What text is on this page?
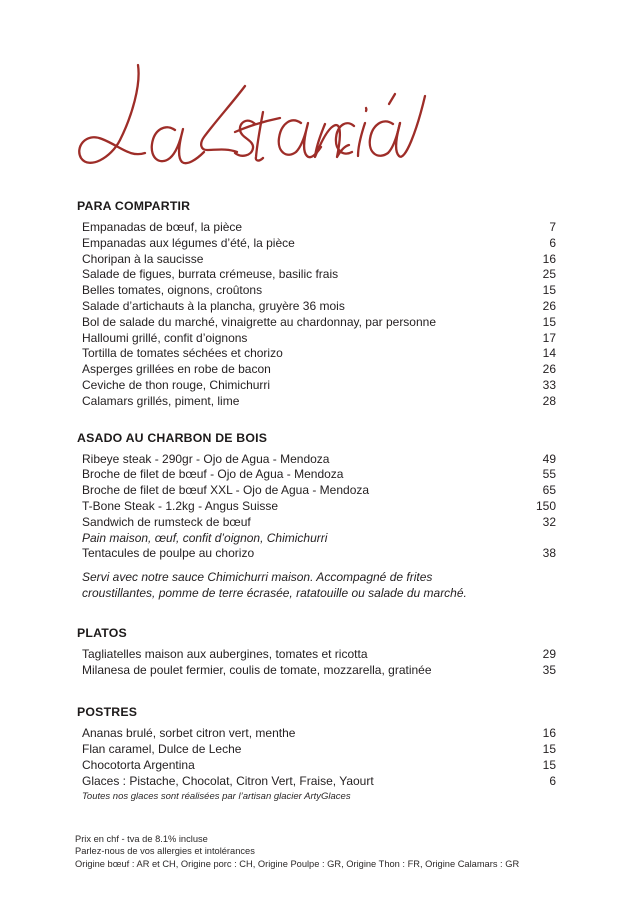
PARA COMPARTIR
Empanadas de bœuf, la pièce	7
Empanadas aux légumes d’été, la pièce	6
Choripan à la saucisse	16
Salade de figues, burrata crémeuse, basilic frais	25
Belles tomates, oignons, croûtons	15
Salade d’artichauts à la plancha, gruyère 36 mois	26
Bol de salade du marché, vinaigrette au chardonnay, par personne	15
Halloumi grillé, confit d’oignons	17
Tortilla de tomates séchées et chorizo	14
Asperges grillées en robe de bacon	26
Ceviche de thon rouge, Chimichurri	33
Calamars grillés, piment, lime	28
ASADO AU CHARBON DE BOIS
Ribeye steak - 290gr - Ojo de Agua - Mendoza	49
Broche de filet de bœuf - Ojo de Agua - Mendoza	55
Broche de filet de bœuf XXL - Ojo de Agua - Mendoza	65
T-Bone Steak - 1.2kg - Angus Suisse	150
Sandwich de rumsteck de bœuf	32
Pain maison, œuf, confit d’oignon, Chimichurri
Tentacules de poulpe au chorizo	38
Servi avec notre sauce Chimichurri maison. Accompagné de frites croustillantes, pomme de terre écrasée, ratatouille ou salade du marché.
PLATOS
Tagliatelles maison aux aubergines, tomates et ricotta	29
Milanesa de poulet fermier, coulis de tomate, mozzarella, gratinée	35
POSTRES
Ananas brulé, sorbet citron vert, menthe	16
Flan caramel, Dulce de Leche	15
Chocotorta Argentina	15
Glaces : Pistache, Chocolat, Citron Vert, Fraise, Yaourt	6
Toutes nos glaces sont réalisées par l’artisan glacier ArtyGlaces
Prix en chf - tva de 8.1% incluse
Parlez-nous de vos allergies et intolérances
Origine bœuf : AR et CH, Origine porc : CH, Origine Poulpe : GR, Origine Thon : FR, Origine Calamars : GR
